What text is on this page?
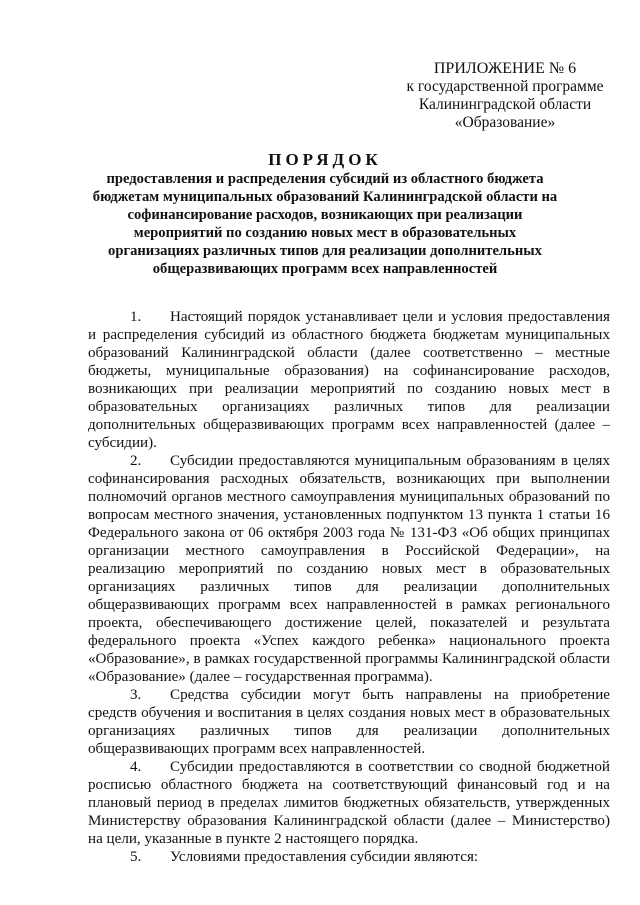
ПРИЛОЖЕНИЕ № 6
к государственной программе
Калининградской области
«Образование»
ПОРЯДОК
предоставления и распределения субсидий из областного бюджета бюджетам муниципальных образований Калининградской области на софинансирование расходов, возникающих при реализации мероприятий по созданию новых мест в образовательных организациях различных типов для реализации дополнительных общеразвивающих программ всех направленностей

1. Настоящий порядок устанавливает цели и условия предоставления и распределения субсидий из областного бюджета бюджетам муниципальных образований Калининградской области (далее соответственно – местные бюджеты, муниципальные образования) на софинансирование расходов, возникающих при реализации мероприятий по созданию новых мест в образовательных организациях различных типов для реализации дополнительных общеразвивающих программ всех направленностей (далее – субсидии).

2. Субсидии предоставляются муниципальным образованиям в целях софинансирования расходных обязательств, возникающих при выполнении полномочий органов местного самоуправления муниципальных образований по вопросам местного значения, установленных подпунктом 13 пункта 1 статьи 16 Федерального закона от 06 октября 2003 года № 131-ФЗ «Об общих принципах организации местного самоуправления в Российской Федерации», на реализацию мероприятий по созданию новых мест в образовательных организациях различных типов для реализации дополнительных общеразвивающих программ всех направленностей в рамках регионального проекта, обеспечивающего достижение целей, показателей и результата федерального проекта «Успех каждого ребенка» национального проекта «Образование», в рамках государственной программы Калининградской области «Образование» (далее – государственная программа).

3. Средства субсидии могут быть направлены на приобретение средств обучения и воспитания в целях создания новых мест в образовательных организациях различных типов для реализации дополнительных общеразвивающих программ всех направленностей.

4. Субсидии предоставляются в соответствии со сводной бюджетной росписью областного бюджета на соответствующий финансовый год и на плановый период в пределах лимитов бюджетных обязательств, утвержденных Министерству образования Калининградской области (далее – Министерство) на цели, указанные в пункте 2 настоящего порядка.

5. Условиями предоставления субсидии являются:
